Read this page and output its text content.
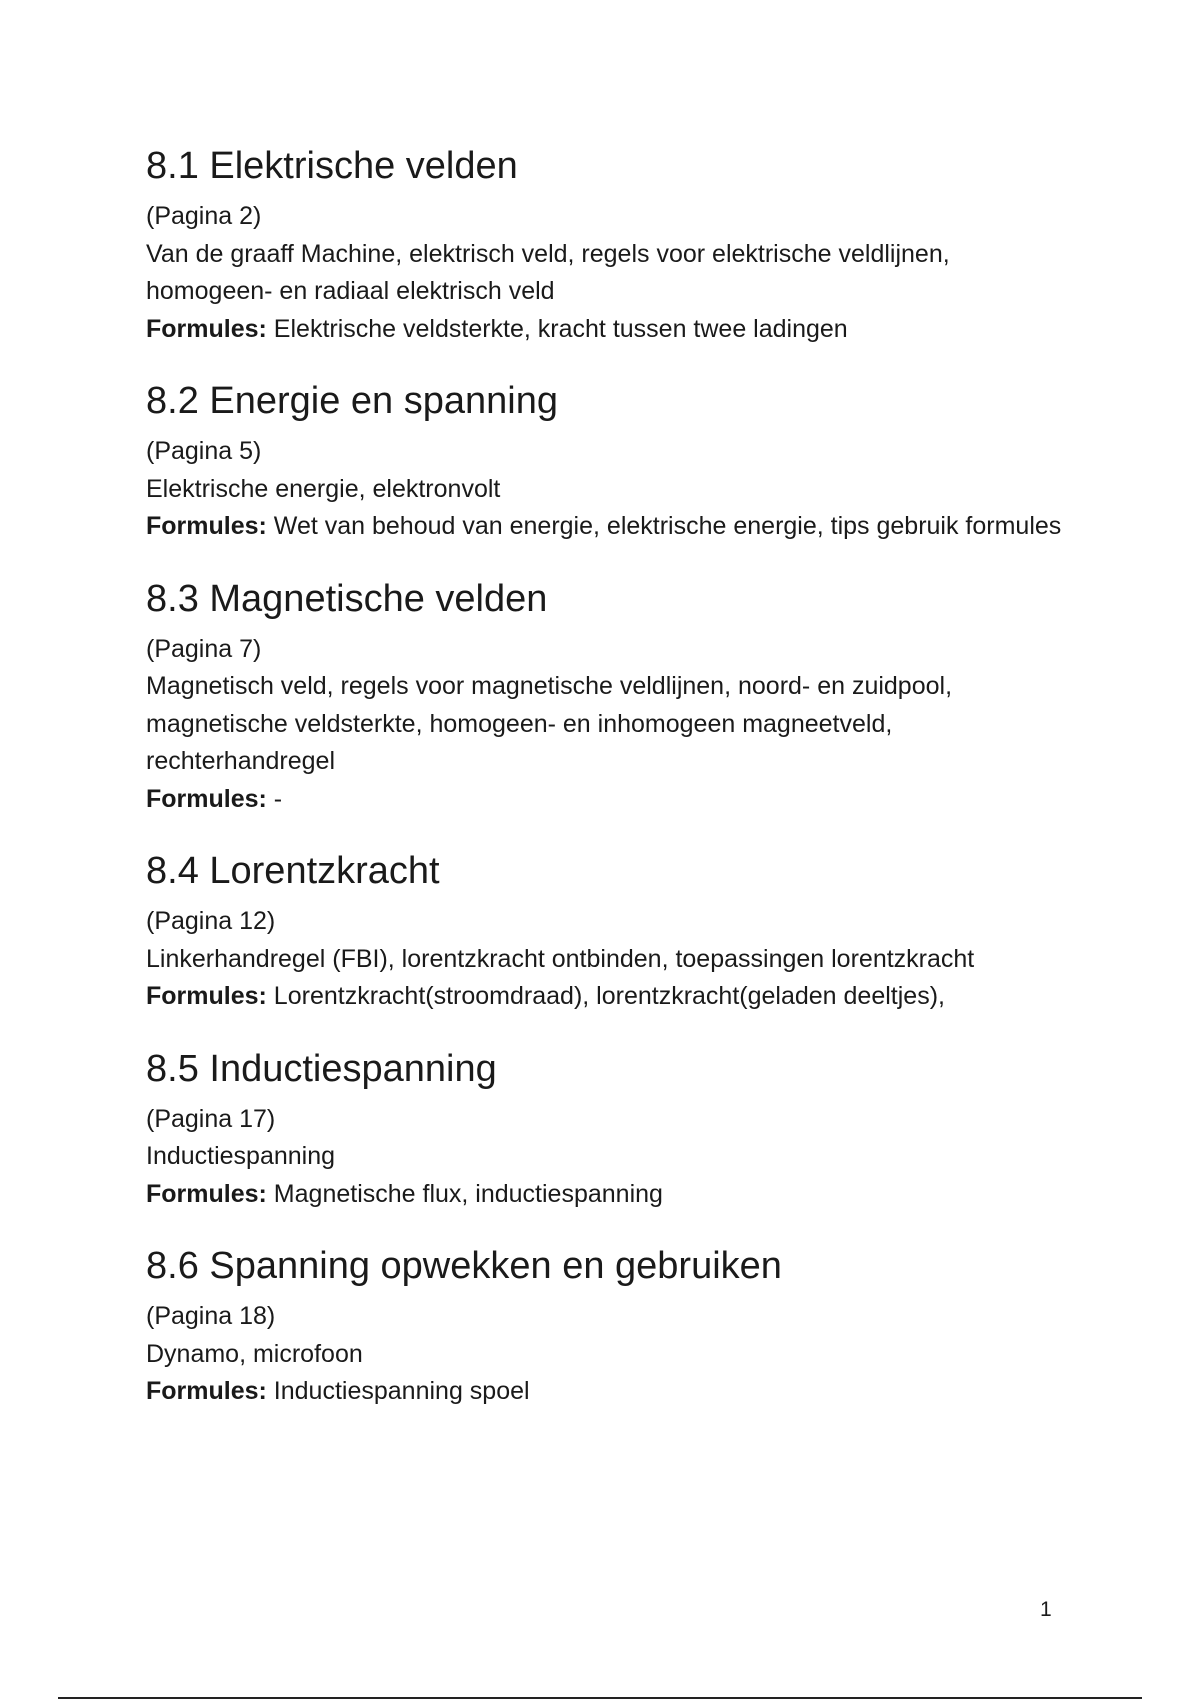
8.1 Elektrische velden

(Pagina 2)

Van de graaff Machine, elektrisch veld, regels voor elektrische veldlijnen, homogeen- en radiaal elektrisch veld

Formules: Elektrische veldsterkte, kracht tussen twee ladingen

8.2 Energie en spanning

(Pagina 5)

Elektrische energie, elektronvolt

Formules: Wet van behoud van energie, elektrische energie, tips gebruik formules

8.3 Magnetische velden

(Pagina 7)

Magnetisch veld, regels voor magnetische veldlijnen, noord- en zuidpool, magnetische veldsterkte, homogeen- en inhomogeen magneetveld, rechterhandregel

Formules: -

8.4 Lorentzkracht

(Pagina 12)

Linkerhandregel (FBI), lorentzkracht ontbinden, toepassingen lorentzkracht

Formules: Lorentzkracht(stroomdraad), lorentzkracht(geladen deeltjes),

8.5 Inductiespanning

(Pagina 17)

Inductiespanning

Formules: Magnetische flux, inductiespanning

8.6 Spanning opwekken en gebruiken

(Pagina 18)

Dynamo, microfoon

Formules: Inductiespanning spoel

1
